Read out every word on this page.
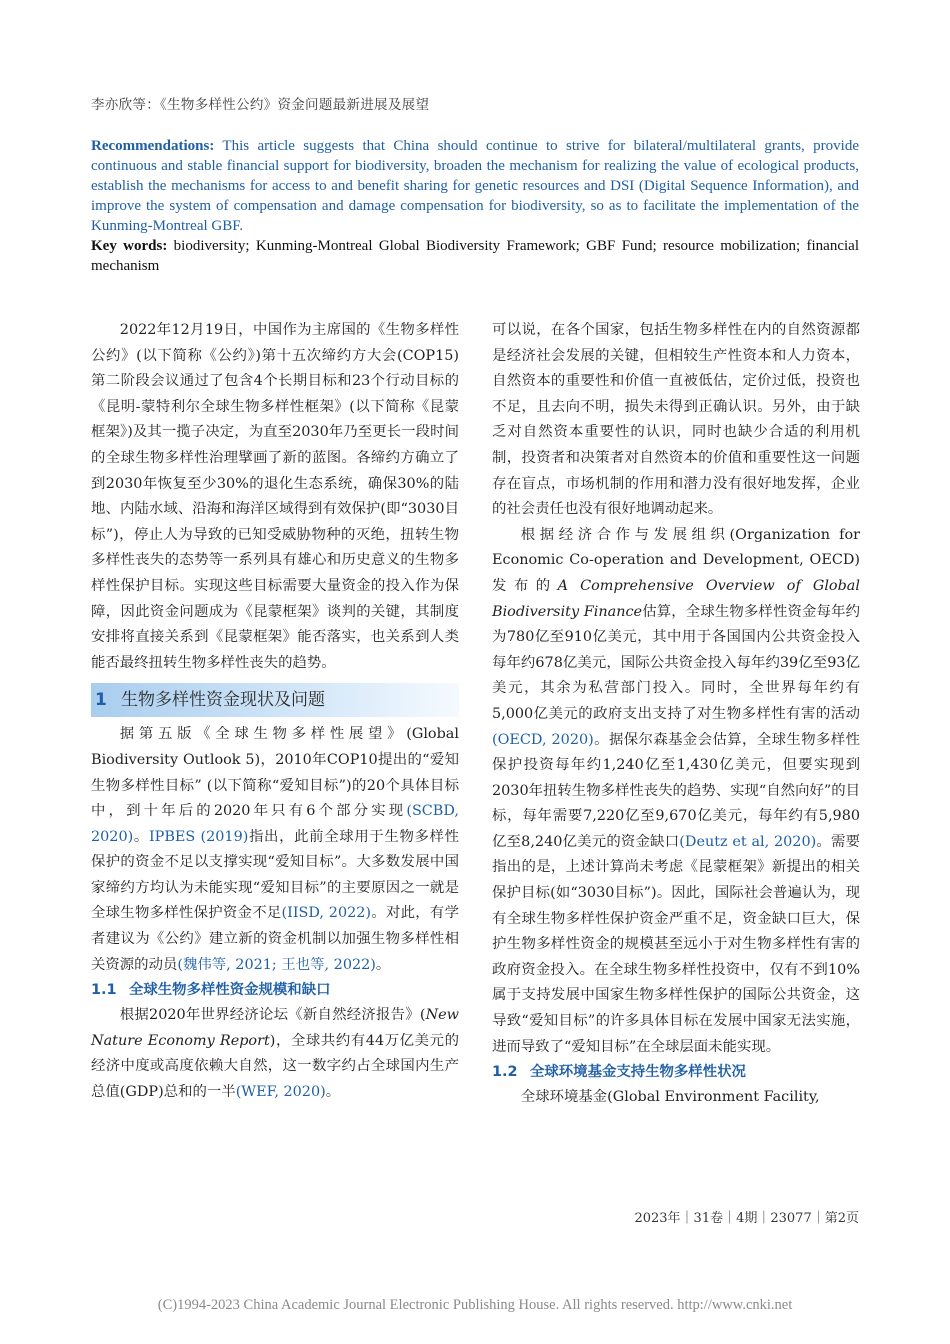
李亦欣等：《生物多样性公约》资金问题最新进展及展望
Recommendations: This article suggests that China should continue to strive for bilateral/multilateral grants, provide continuous and stable financial support for biodiversity, broaden the mechanism for realizing the value of ecological products, establish the mechanisms for access to and benefit sharing for genetic resources and DSI (Digital Sequence Information), and improve the system of compensation and damage compensation for biodiversity, so as to facilitate the implementation of the Kunming-Montreal GBF.
Key words: biodiversity; Kunming-Montreal Global Biodiversity Framework; GBF Fund; resource mobilization; financial mechanism

2022年12月19日，中国作为主席国的《生物多样性公约》(以下简称《公约》)第十五次缔约方大会(COP15)第二阶段会议通过了包含4个长期目标和23个行动目标的《昆明-蒙特利尔全球生物多样性框架》(以下简称《昆蒙框架》)及其一揽子决定，为直至2030年乃至更长一段时间的全球生物多样性治理擘画了新的蓝图。各缔约方确立了到2030年恢复至少30%的退化生态系统，确保30%的陆地、内陆水域、沿海和海洋区域得到有效保护(即“3030目标”)，停止人为导致的已知受威胁物种的灭绝，扭转生物多样性丧失的态势等一系列具有雄心和历史意义的生物多样性保护目标。实现这些目标需要大量资金的投入作为保障，因此资金问题成为《昆蒙框架》谈判的关键，其制度安排将直接关系到《昆蒙框架》能否落实，也关系到人类能否最终扭转生物多样性丧失的趋势。

1 生物多样性资金现状及问题

据第五版《全球生物多样性展望》(Global Biodiversity Outlook 5)，2010年COP10提出的“爱知生物多样性目标” (以下简称“爱知目标”)的20个具体目标中，到十年后的2020年只有6个部分实现(SCBD, 2020)。IPBES (2019)指出，此前全球用于生物多样性保护的资金不足以支撑实现“爱知目标”。大多数发展中国家缔约方均认为未能实现“爱知目标”的主要原因之一就是全球生物多样性保护资金不足(IISD, 2022)。对此，有学者建议为《公约》建立新的资金机制以加强生物多样性相关资源的动员(魏伟等, 2021; 王也等, 2022)。

1.1 全球生物多样性资金规模和缺口

根据2020年世界经济论坛《新自然经济报告》(New Nature Economy Report)，全球共约有44万亿美元的经济中度或高度依赖大自然，这一数字约占全球国内生产总值(GDP)总和的一半(WEF, 2020)。

可以说，在各个国家，包括生物多样性在内的自然资源都是经济社会发展的关键，但相较生产性资本和人力资本，自然资本的重要性和价值一直被低估，定价过低，投资也不足，且去向不明，损失未得到正确认识。另外，由于缺乏对自然资本重要性的认识，同时也缺少合适的利用机制，投资者和决策者对自然资本的价值和重要性这一问题存在盲点，市场机制的作用和潜力没有很好地发挥，企业的社会责任也没有很好地调动起来。

根据经济合作与发展组织(Organization for Economic Co-operation and Development, OECD)发布的A Comprehensive Overview of Global Biodiversity Finance估算，全球生物多样性资金每年约为780亿至910亿美元，其中用于各国国内公共资金投入每年约678亿美元，国际公共资金投入每年约39亿至93亿美元，其余为私营部门投入。同时，全世界每年约有5,000亿美元的政府支出支持了对生物多样性有害的活动(OECD, 2020)。据保尔森基金会估算，全球生物多样性保护投资每年约1,240亿至1,430亿美元，但要实现到2030年扭转生物多样性丧失的趋势、实现“自然向好”的目标，每年需要7,220亿至9,670亿美元，每年约有5,980亿至8,240亿美元的资金缺口(Deutz et al, 2020)。需要指出的是，上述计算尚未考虑《昆蒙框架》新提出的相关保护目标(如“3030目标”)。因此，国际社会普遍认为，现有全球生物多样性保护资金严重不足，资金缺口巨大，保护生物多样性资金的规模甚至远小于对生物多样性有害的政府资金投入。在全球生物多样性投资中，仅有不到10%属于支持发展中国家生物多样性保护的国际公共资金，这导致“爱知目标”的许多具体目标在发展中国家无法实施，进而导致了“爱知目标”在全球层面未能实现。

1.2 全球环境基金支持生物多样性状况

全球环境基金(Global Environment Facility,

2023年｜31卷｜4期｜23077｜第2页
(C)1994-2023 China Academic Journal Electronic Publishing House. All rights reserved. http://www.cnki.net
